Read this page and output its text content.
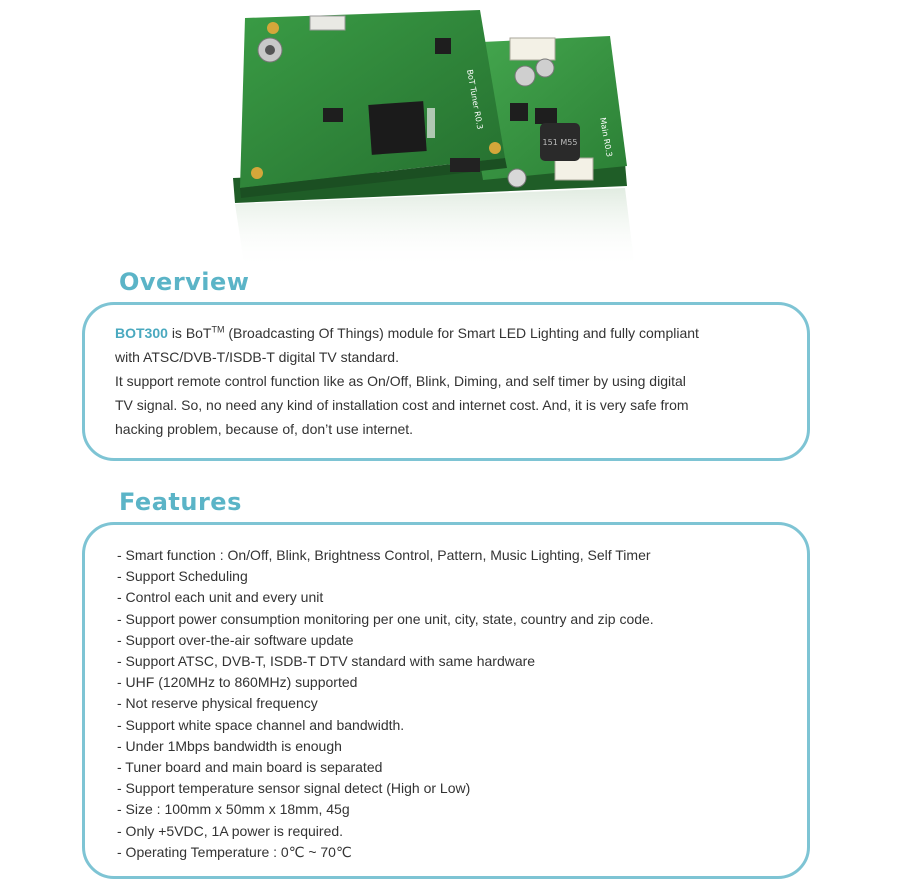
151 M55
BoT Tuner R0.3
Main R0.3
Overview
BOT300 is BoT™ (Broadcasting Of Things) module for Smart LED Lighting and fully compliant
with ATSC/DVB-T/ISDB-T digital TV standard.
It support remote control function like as On/Off, Blink, Diming, and self timer by using digital
TV signal. So, no need any kind of installation cost and internet cost. And, it is very safe from
hacking problem, because of, don’t use internet.
Features
- Smart function : On/Off, Blink, Brightness Control, Pattern, Music Lighting, Self Timer
- Support Scheduling
- Control each unit and every unit
- Support power consumption monitoring per one unit, city, state, country and zip code.
- Support over-the-air software update
- Support ATSC, DVB-T, ISDB-T DTV standard with same hardware
- UHF (120MHz to 860MHz) supported
- Not reserve physical frequency
- Support white space channel and bandwidth.
- Under 1Mbps bandwidth is enough
- Tuner board and main board is separated
- Support temperature sensor signal detect (High or Low)
- Size : 100mm x 50mm x 18mm, 45g
- Only +5VDC, 1A power is required.
- Operating Temperature : 0℃ ~ 70℃
